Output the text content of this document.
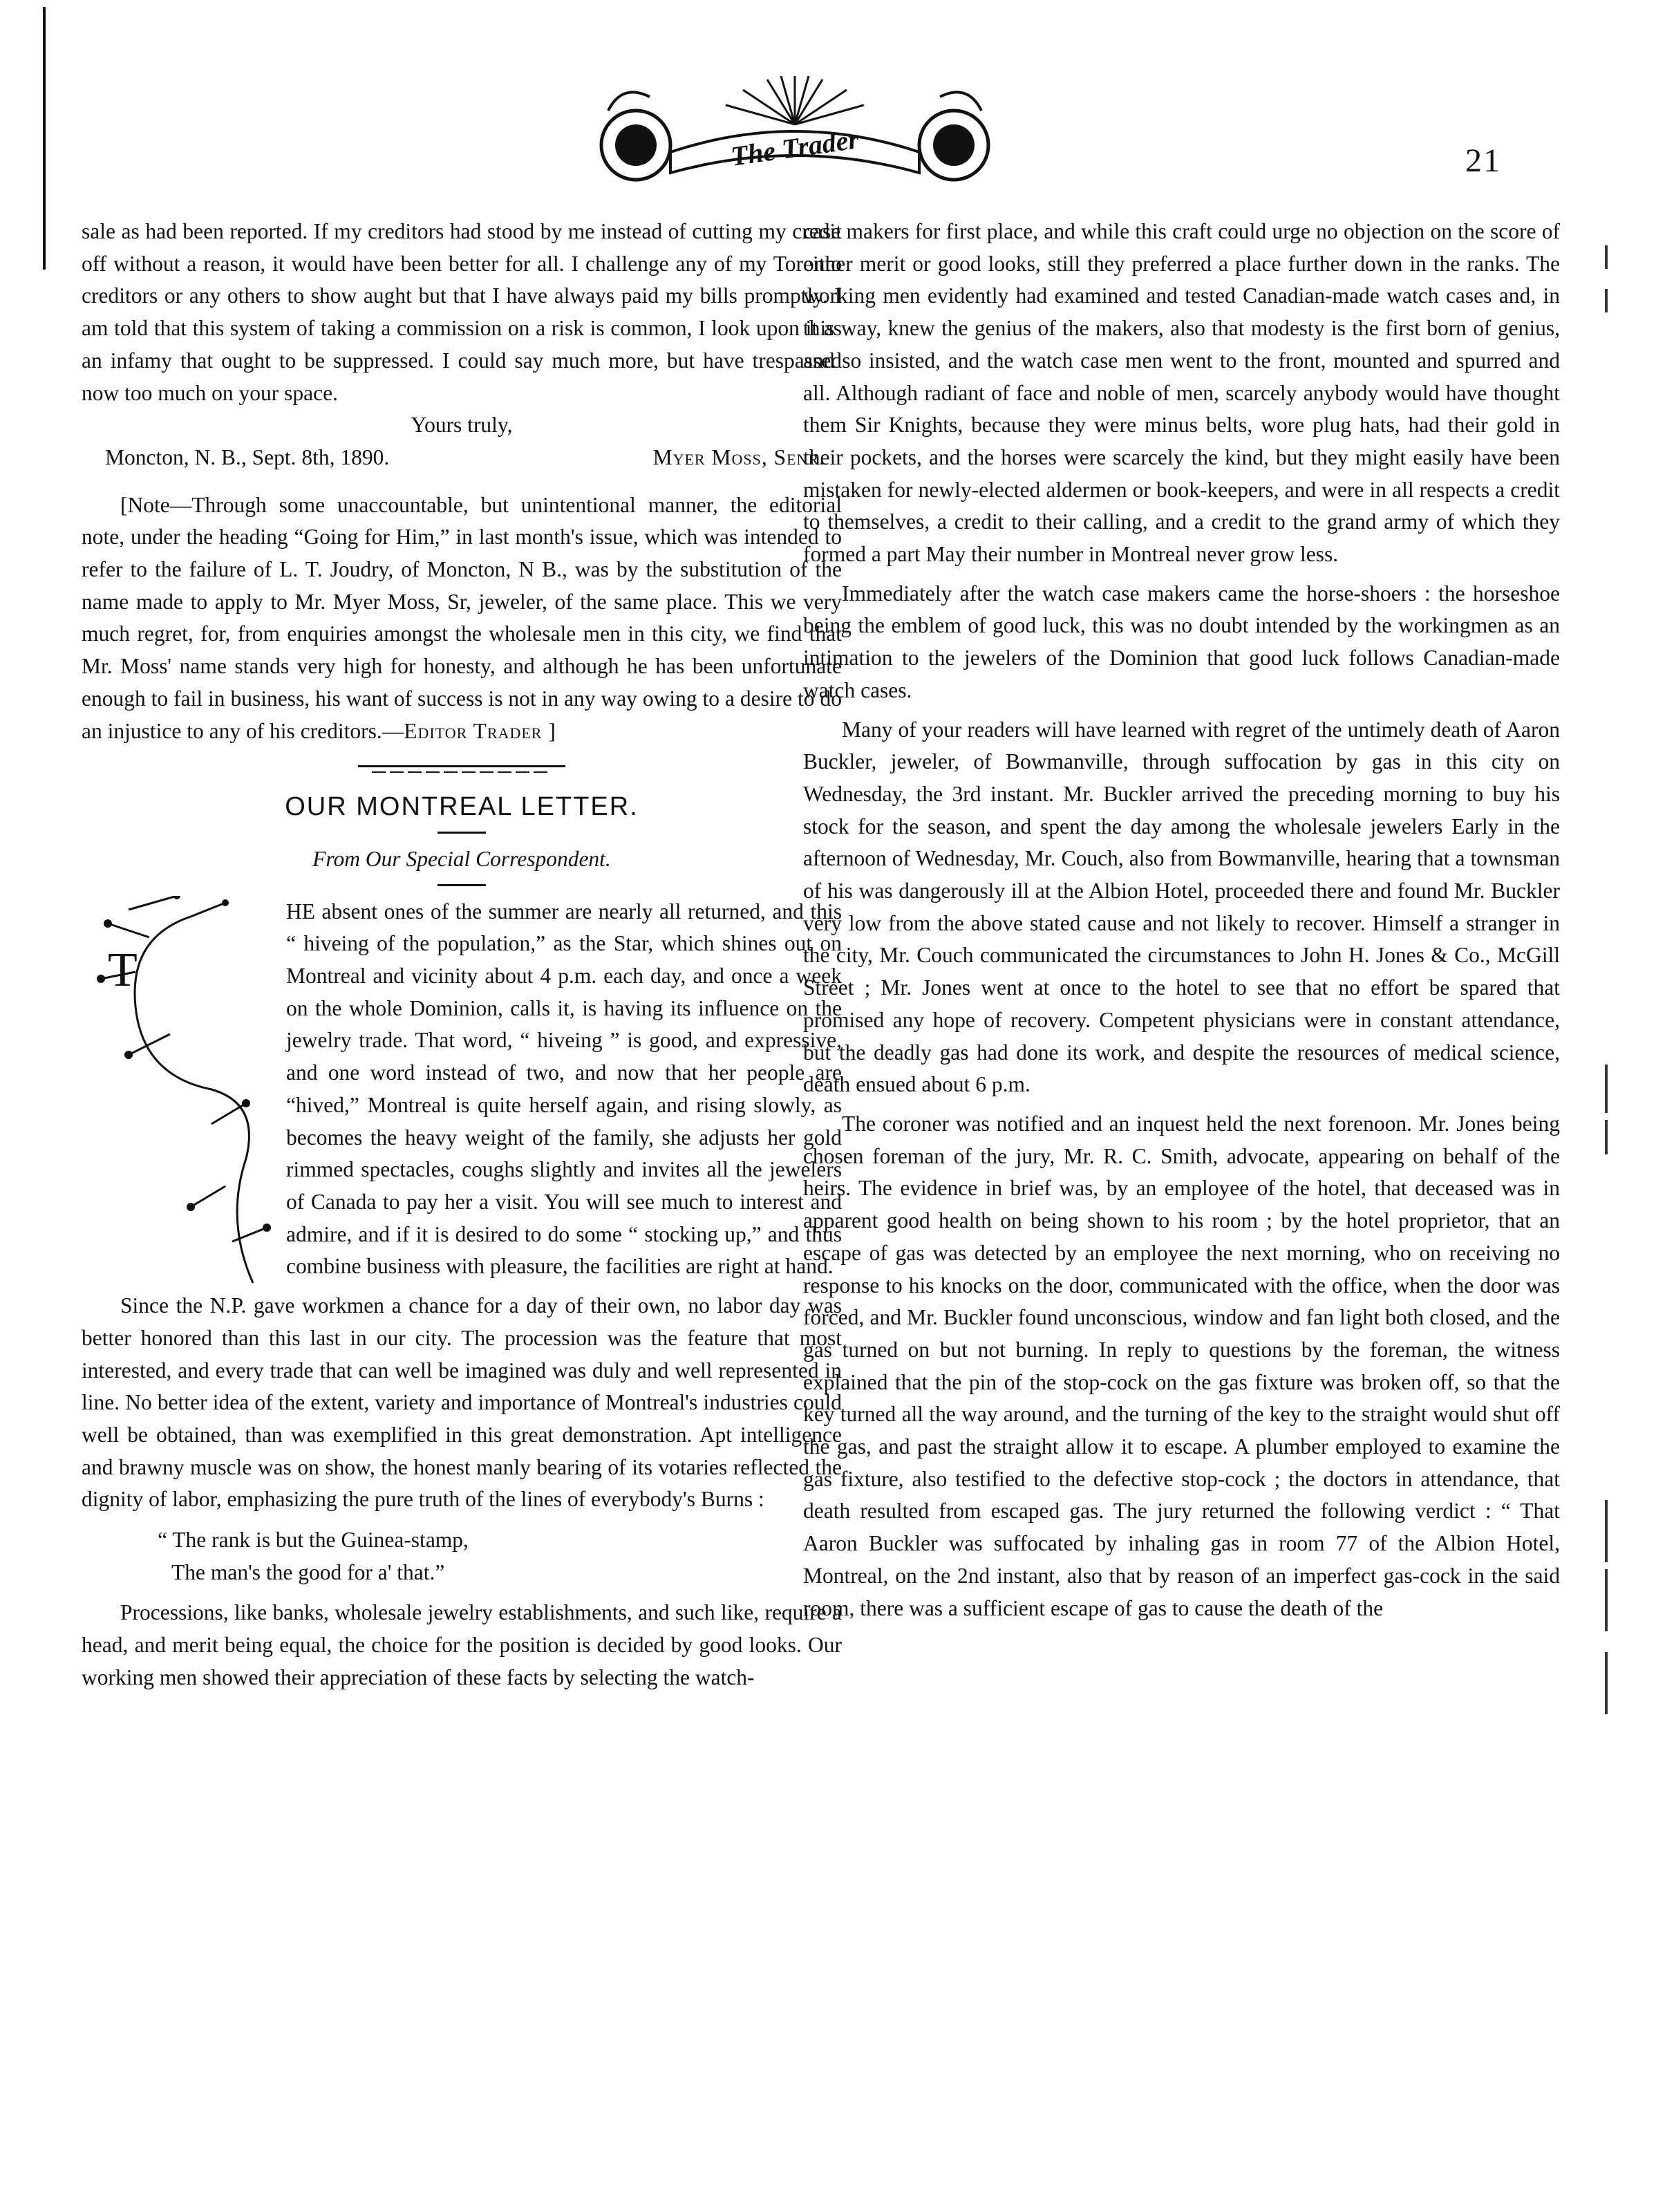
The Trader	21

sale as had been reported. If my creditors had stood by me instead of cutting my credit off without a reason, it would have been better for all. I challenge any of my Toronto creditors or any others to show aught but that I have always paid my bills promptly. I am told that this system of taking a commission on a risk is common, I look upon it as an infamy that ought to be suppressed. I could say much more, but have trespassed now too much on your space.

Yours truly,

Moncton, N. B., Sept. 8th, 1890.	Myer Moss, Senr.

[Note—Through some unaccountable, but unintentional manner, the editorial note, under the heading “Going for Him,” in last month's issue, which was intended to refer to the failure of L. T. Joudry, of Moncton, N B., was by the substitution of the name made to apply to Mr. Myer Moss, Sr, jeweler, of the same place. This we very much regret, for, from enquiries amongst the wholesale men in this city, we find that Mr. Moss' name stands very high for honesty, and although he has been unfortunate enough to fail in business, his want of success is not in any way owing to a desire to do an injustice to any of his creditors.—Editor Trader ]

OUR MONTREAL LETTER.

From Our Special Correspondent.

T

HE absent ones of the summer are nearly all returned, and this “ hiveing of the population,” as the Star, which shines out on Montreal and vicinity about 4 p.m. each day, and once a week on the whole Dominion, calls it, is having its influence on the jewelry trade. That word, “ hiveing ” is good, and expressive, and one word instead of two, and now that her people are “hived,” Montreal is quite herself again, and rising slowly, as becomes the heavy weight of the family, she adjusts her gold rimmed spectacles, coughs slightly and invites all the jewelers of Canada to pay her a visit. You will see much to interest and admire, and if it is desired to do some “ stocking up,” and thus combine business with pleasure, the facilities are right at hand.

Since the N.P. gave workmen a chance for a day of their own, no labor day was better honored than this last in our city. The procession was the feature that most interested, and every trade that can well be imagined was duly and well represented in line. No better idea of the extent, variety and importance of Montreal's industries could well be obtained, than was exemplified in this great demonstration. Apt intelligence and brawny muscle was on show, the honest manly bearing of its votaries reflected the dignity of labor, emphasizing the pure truth of the lines of everybody's Burns :

“ The rank is but the Guinea-stamp,

The man's the good for a' that.”

Processions, like banks, wholesale jewelry establishments, and such like, require a head, and merit being equal, the choice for the position is decided by good looks. Our working men showed their appreciation of these facts by selecting the watch-

case makers for first place, and while this craft could urge no objection on the score of either merit or good looks, still they preferred a place further down in the ranks. The working men evidently had examined and tested Canadian-made watch cases and, in this way, knew the genius of the makers, also that modesty is the first born of genius, and so insisted, and the watch case men went to the front, mounted and spurred and all. Although radiant of face and noble of men, scarcely anybody would have thought them Sir Knights, because they were minus belts, wore plug hats, had their gold in their pockets, and the horses were scarcely the kind, but they might easily have been mistaken for newly-elected aldermen or book-keepers, and were in all respects a credit to themselves, a credit to their calling, and a credit to the grand army of which they formed a part May their number in Montreal never grow less.

Immediately after the watch case makers came the horse-shoers : the horseshoe being the emblem of good luck, this was no doubt intended by the workingmen as an intimation to the jewelers of the Dominion that good luck follows Canadian-made watch cases.

Many of your readers will have learned with regret of the untimely death of Aaron Buckler, jeweler, of Bowmanville, through suffocation by gas in this city on Wednesday, the 3rd instant. Mr. Buckler arrived the preceding morning to buy his stock for the season, and spent the day among the wholesale jewelers Early in the afternoon of Wednesday, Mr. Couch, also from Bowmanville, hearing that a townsman of his was dangerously ill at the Albion Hotel, proceeded there and found Mr. Buckler very low from the above stated cause and not likely to recover. Himself a stranger in the city, Mr. Couch communicated the circumstances to John H. Jones & Co., McGill Street ; Mr. Jones went at once to the hotel to see that no effort be spared that promised any hope of recovery. Competent physicians were in constant attendance, but the deadly gas had done its work, and despite the resources of medical science, death ensued about 6 p.m.

The coroner was notified and an inquest held the next forenoon. Mr. Jones being chosen foreman of the jury, Mr. R. C. Smith, advocate, appearing on behalf of the heirs. The evidence in brief was, by an employee of the hotel, that deceased was in apparent good health on being shown to his room ; by the hotel proprietor, that an escape of gas was detected by an employee the next morning, who on receiving no response to his knocks on the door, communicated with the office, when the door was forced, and Mr. Buckler found unconscious, window and fan light both closed, and the gas turned on but not burning. In reply to questions by the foreman, the witness explained that the pin of the stop-cock on the gas fixture was broken off, so that the key turned all the way around, and the turning of the key to the straight would shut off the gas, and past the straight allow it to escape. A plumber employed to examine the gas fixture, also testified to the defective stop-cock ; the doctors in attendance, that death resulted from escaped gas. The jury returned the following verdict : “ That Aaron Buckler was suffocated by inhaling gas in room 77 of the Albion Hotel, Montreal, on the 2nd instant, also that by reason of an imperfect gas-cock in the said room, there was a sufficient escape of gas to cause the death of the
